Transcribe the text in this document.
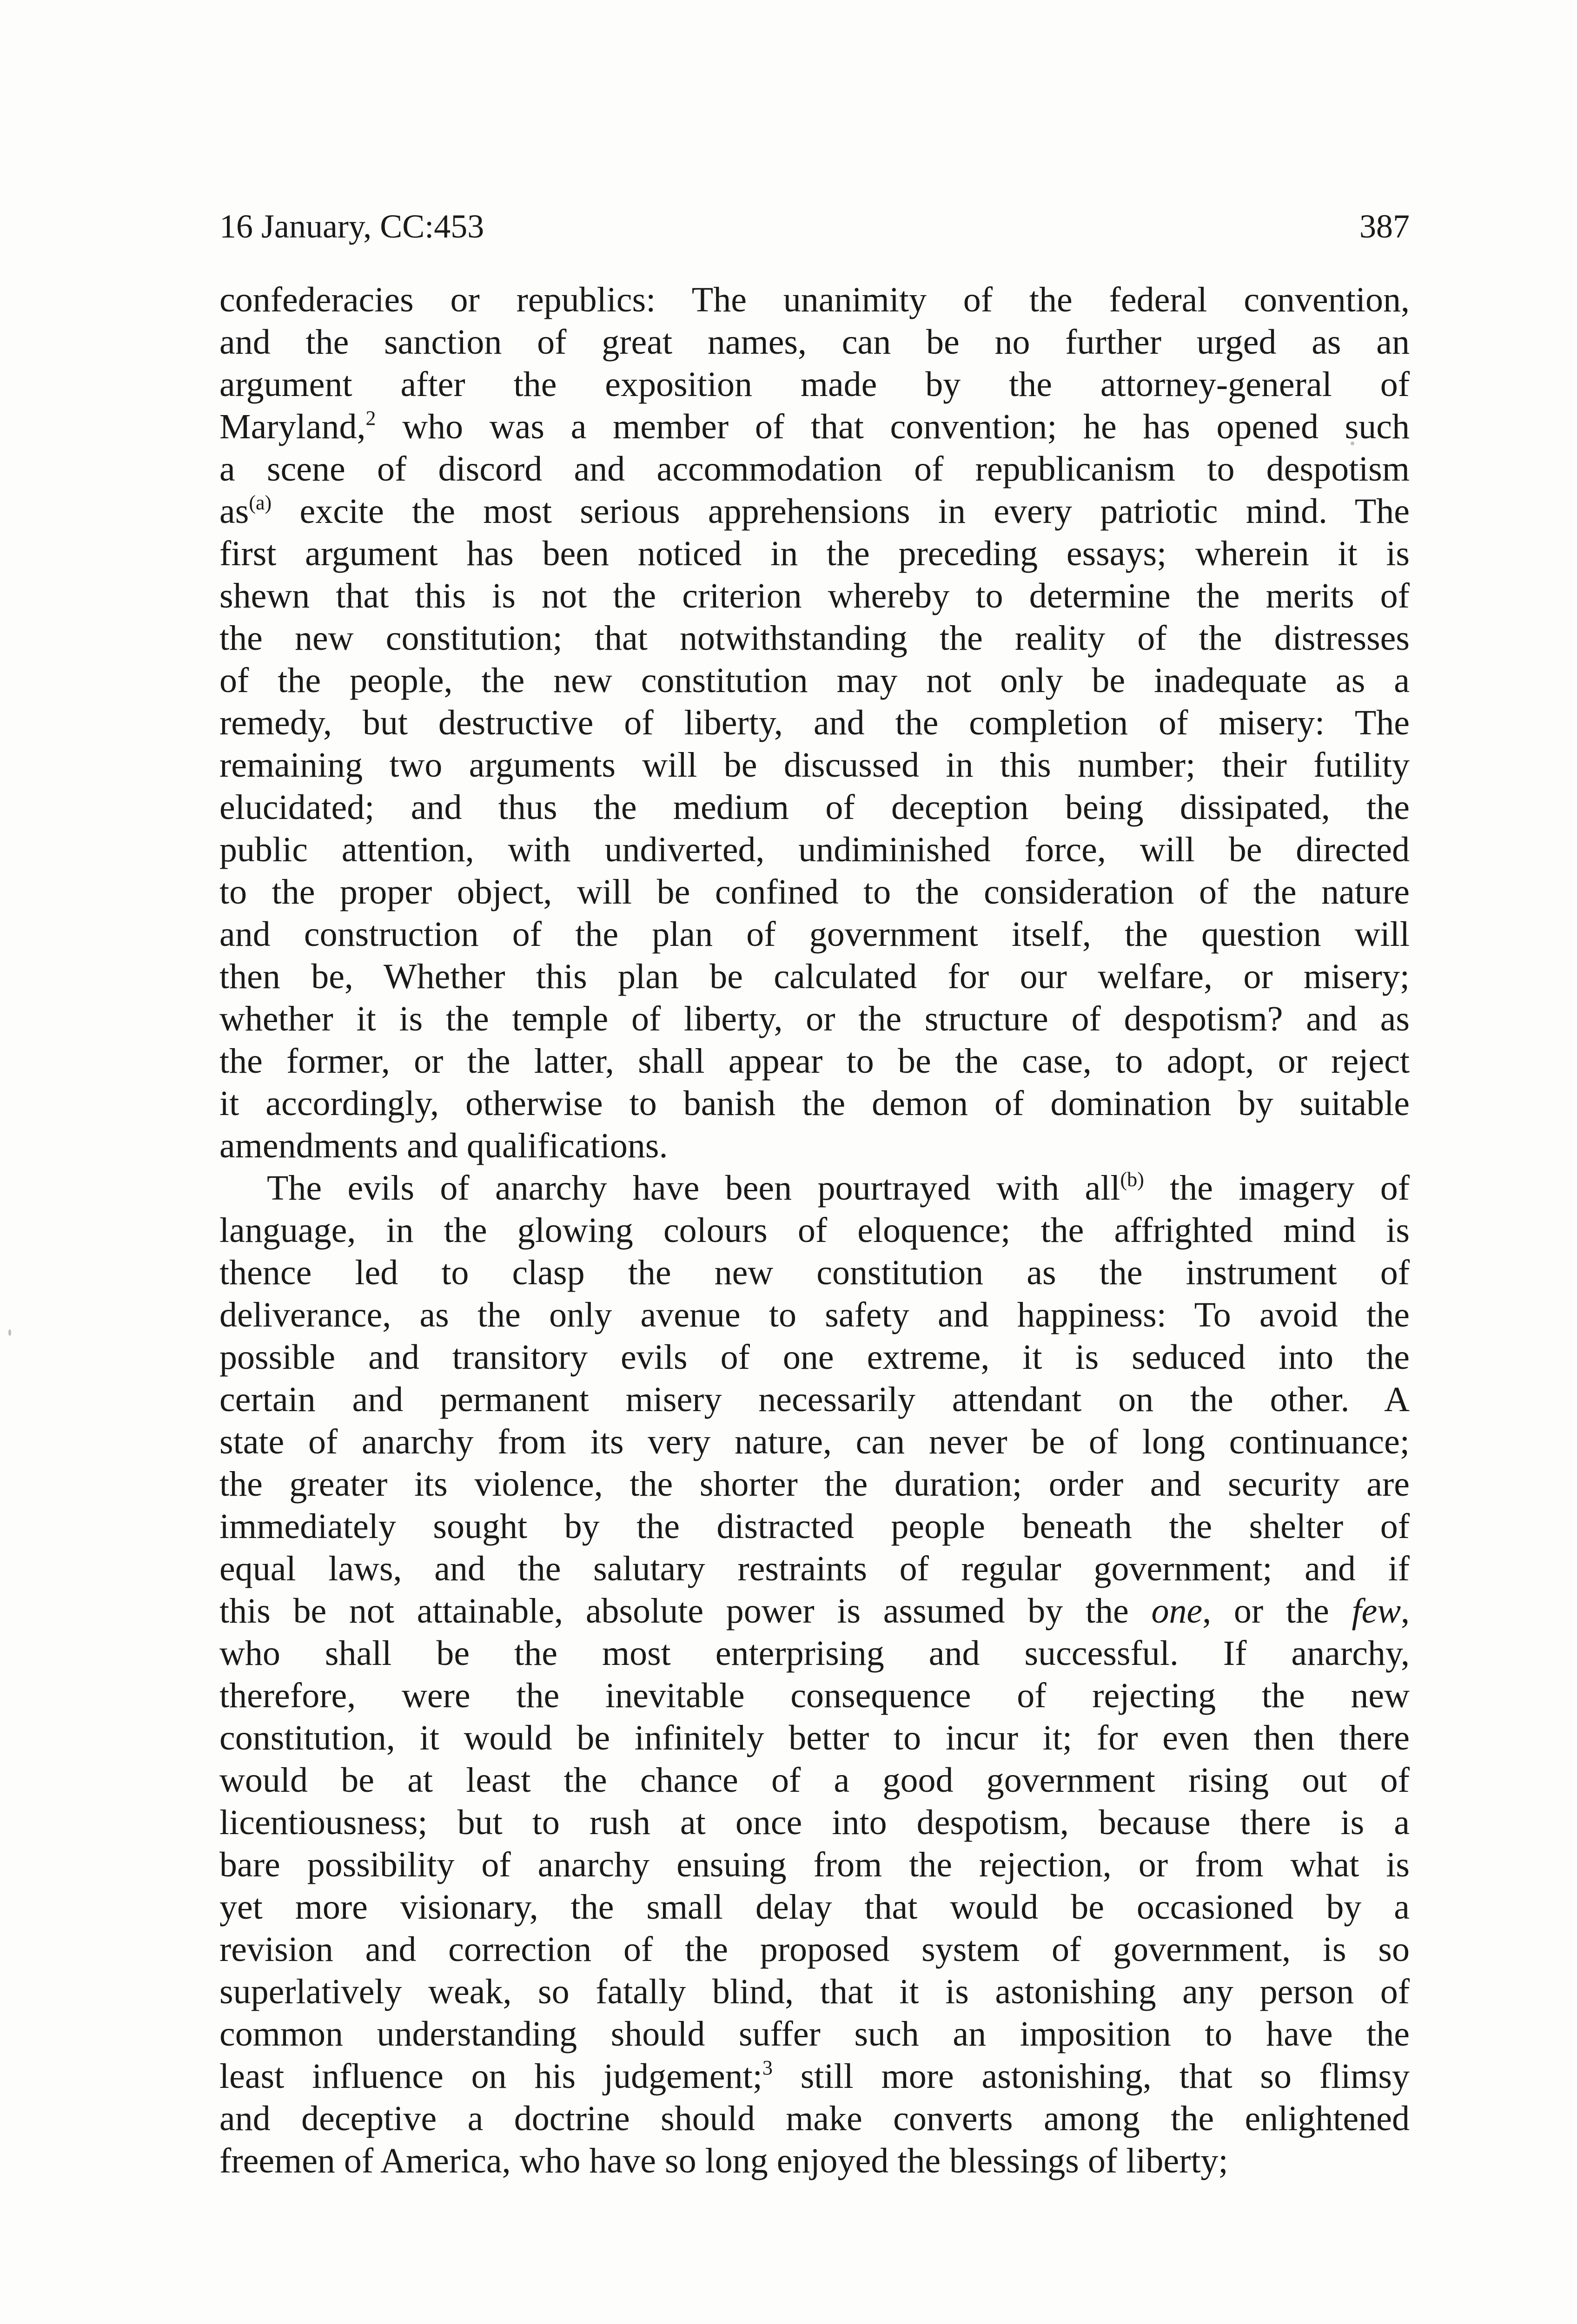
16 January, CC:453	387
confederacies or republics: The unanimity of the federal convention,
and the sanction of great names, can be no further urged as an
argument after the exposition made by the attorney-general of
Maryland,$^2$ who was a member of that convention; he has opened such
a scene of discord and accommodation of republicanism to despotism
$as^{(a)}$ excite the most serious apprehensions in every patriotic mind. The
first argument has been noticed in the preceding essays; wherein it is
shewn that this is not the criterion whereby to determine the merits of
the new constitution; that notwithstanding the reality of the distresses
of the people, the new constitution may not only be inadequate as a
remedy, but destructive of liberty, and the completion of misery: The
remaining two arguments will be discussed in this number; their futility
elucidated; and thus the medium of deception being dissipated, the
public attention, with undiverted, undiminished force, will be directed
to the proper object, will be confined to the consideration of the nature
and construction of the plan of government itself, the question will
then be, Whether this plan be calculated for our welfare, or misery;
whether it is the temple of liberty, or the structure of despotism? and as
the former, or the latter, shall appear to be the case, to adopt, or reject
it accordingly, otherwise to banish the demon of domination by suitable
amendments and qualifications.
The evils of anarchy have been pourtrayed with all$^{(b)}$ the imagery of
language, in the glowing colours of eloquence; the affrighted mind is
thence led to clasp the new constitution as the instrument of
deliverance, as the only avenue to safety and happiness: To avoid the
possible and transitory evils of one extreme, it is seduced into the
certain and permanent misery necessarily attendant on the other. A
state of anarchy from its very nature, can never be of long continuance;
the greater its violence, the shorter the duration; order and security are
immediately sought by the distracted people beneath the shelter of
equal laws, and the salutary restraints of regular government; and if
this be not attainable, absolute power is assumed by the one, or the few,
who shall be the most enterprising and successful. If anarchy,
therefore, were the inevitable consequence of rejecting the new
constitution, it would be infinitely better to incur it; for even then there
would be at least the chance of a good government rising out of
licentiousness; but to rush at once into despotism, because there is a
bare possibility of anarchy ensuing from the rejection, or from what is
yet more visionary, the small delay that would be occasioned by a
revision and correction of the proposed system of government, is so
superlatively weak, so fatally blind, that it is astonishing any person of
common understanding should suffer such an imposition to have the
least influence on his judgement;$^3$ still more astonishing, that so flimsy
and deceptive a doctrine should make converts among the enlightened
freemen of America, who have so long enjoyed the blessings of liberty;
